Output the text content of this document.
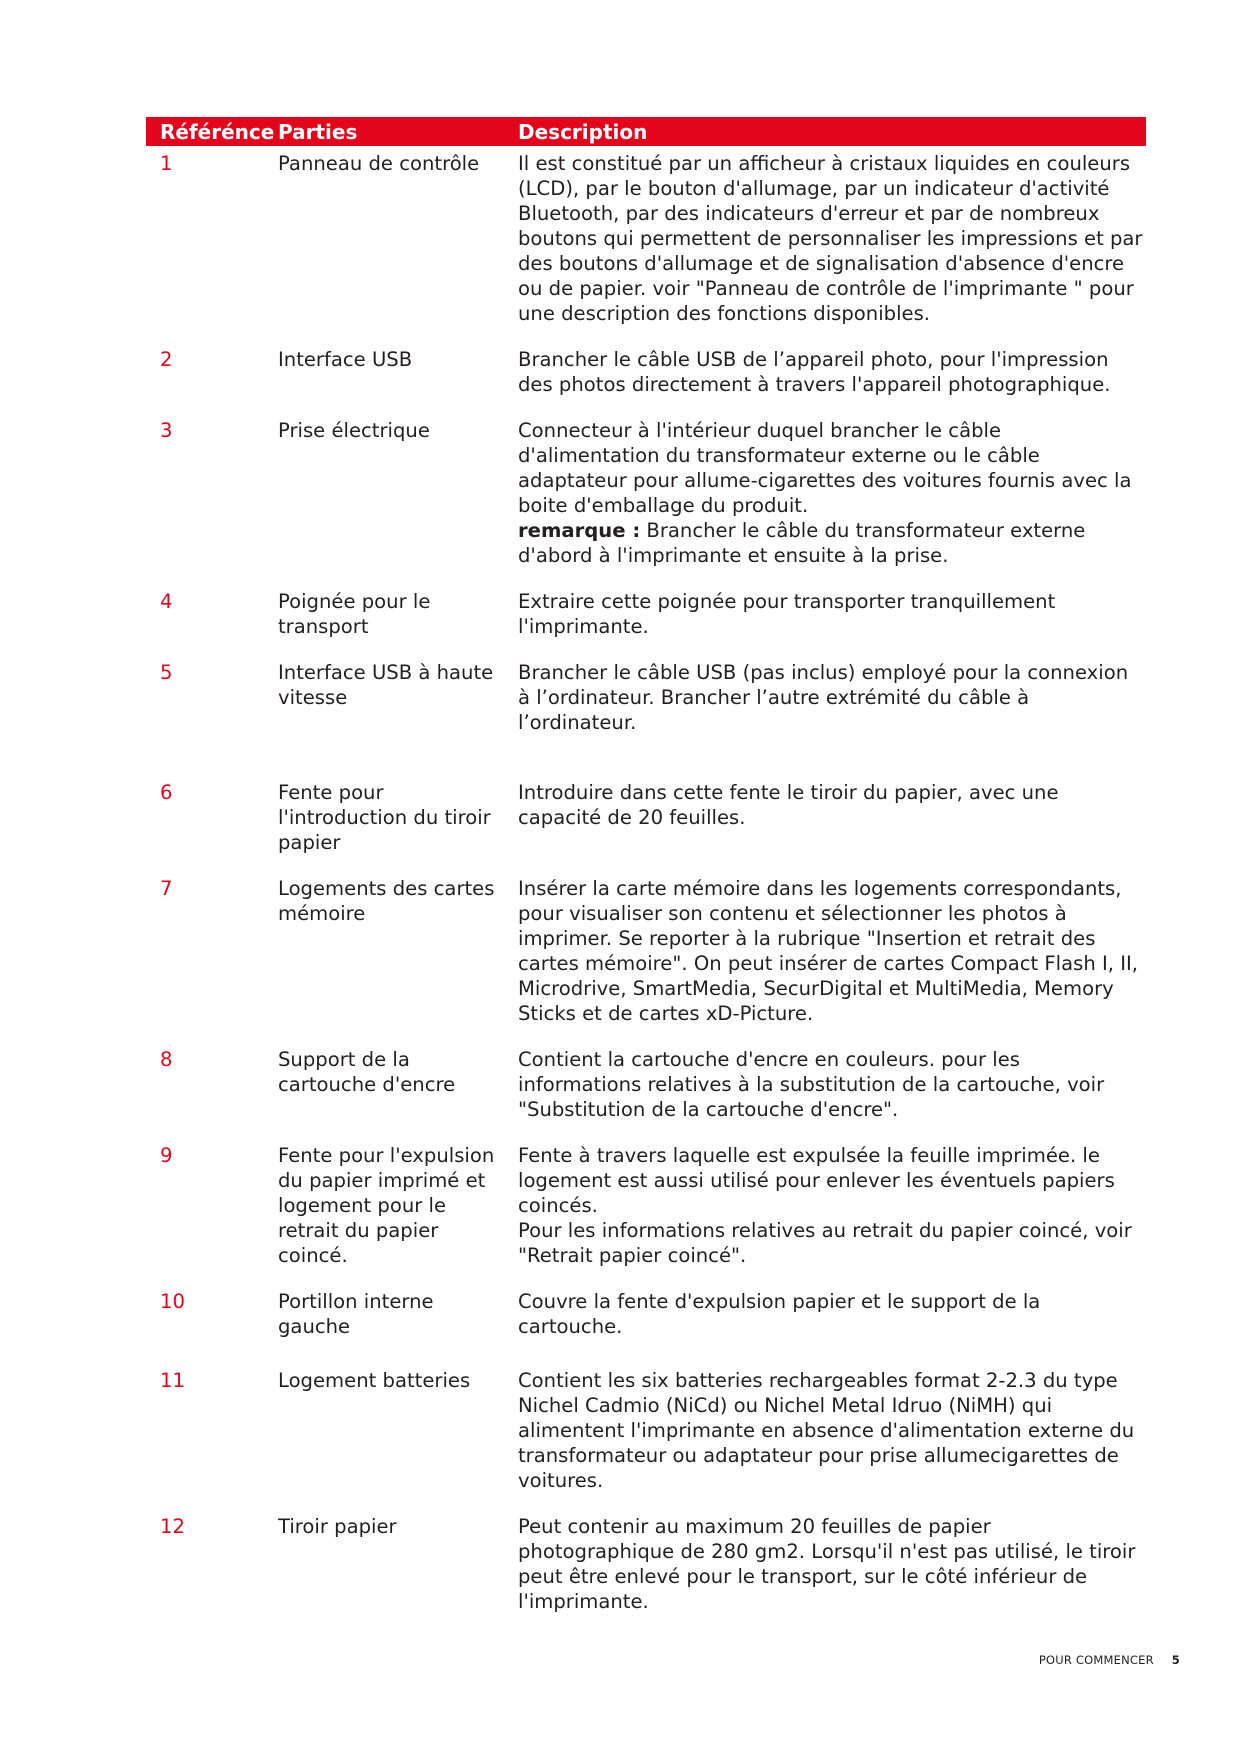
Référénce	Parties	Description
1	Panneau de contrôle	Il est constitué par un afficheur à cristaux liquides en couleurs (LCD), par le bouton d'allumage, par un indicateur d'activité Bluetooth, par des indicateurs d'erreur et par de nombreux boutons qui permettent de personnaliser les impressions et par des boutons d'allumage et de signalisation d'absence d'encre ou de papier. voir "Panneau de contrôle de l'imprimante " pour une description des fonctions disponibles.
2	Interface USB	Brancher le câble USB de l’appareil photo, pour l'impression des photos directement à travers l'appareil photographique.
3	Prise électrique	Connecteur à l'intérieur duquel brancher le câble d'alimentation du transformateur externe ou le câble adaptateur pour allume-cigarettes des voitures fournis avec la boite d'emballage du produit.
remarque : Brancher le câble du transformateur externe d'abord à l'imprimante et ensuite à la prise.
4	Poignée pour le transport	Extraire cette poignée pour transporter tranquillement l'imprimante.
5	Interface USB à haute vitesse	Brancher le câble USB (pas inclus) employé pour la connexion à l’ordinateur. Brancher l’autre extrémité du câble à l’ordinateur.
6	Fente pour l'introduction du tiroir papier	Introduire dans cette fente le tiroir du papier, avec une capacité de 20 feuilles.
7	Logements des cartes mémoire	Insérer la carte mémoire dans les logements correspondants, pour visualiser son contenu et sélectionner les photos à imprimer. Se reporter à la rubrique "Insertion et retrait des cartes mémoire". On peut insérer de cartes Compact Flash I, II, Microdrive, SmartMedia, SecurDigital et MultiMedia, Memory Sticks et de cartes xD-Picture.
8	Support de la cartouche d'encre	Contient la cartouche d'encre en couleurs. pour les informations relatives à la substitution de la cartouche, voir "Substitution de la cartouche d'encre".
9	Fente pour l'expulsion du papier imprimé et logement pour le retrait du papier coincé.	Fente à travers laquelle est expulsée la feuille imprimée. le logement est aussi utilisé pour enlever les éventuels papiers coincés.
Pour les informations relatives au retrait du papier coincé, voir "Retrait papier coincé".
10	Portillon interne gauche	Couvre la fente d'expulsion papier et le support de la cartouche.
11	Logement batteries	Contient les six batteries rechargeables format 2-2.3 du type Nichel Cadmio (NiCd) ou Nichel Metal Idruo (NiMH) qui alimentent l'imprimante en absence d'alimentation externe du transformateur ou adaptateur pour prise allumecigarettes de voitures.
12	Tiroir papier	Peut contenir au maximum 20 feuilles de papier photographique de 280 gm2. Lorsqu'il n'est pas utilisé, le tiroir peut être enlevé pour le transport, sur le côté inférieur de l'imprimante.
POUR COMMENCER 5
